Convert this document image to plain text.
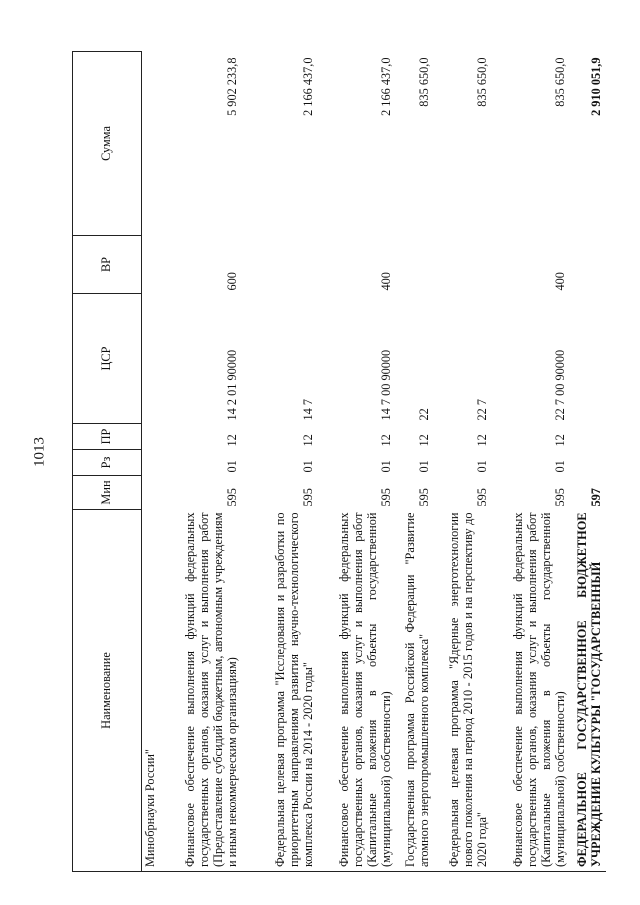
1013
Наименование	Мин	Рз	ПР	ЦСР	ВР	Сумма
Минобрнауки России"						
Финансовое обеспечение выполнения функций федеральных государственных органов, оказания услуг и выполнения работ (Предоставление субсидий бюджетным, автономным учреждениям и иным некоммерческим организациям)	595	01	12	14 2 01 90000	600	5 902 233,8
Федеральная целевая программа "Исследования и разработки по приоритетным направлениям развития научно-технологического комплекса России на 2014 - 2020 годы"	595	01	12	14 7		2 166 437,0
Финансовое обеспечение выполнения функций федеральных государственных органов, оказания услуг и выполнения работ (Капитальные вложения в объекты государственной (муниципальной) собственности)	595	01	12	14 7 00 90000	400	2 166 437,0
Государственная программа Российской Федерации "Развитие атомного энергопромышленного комплекса"	595	01	12	22		835 650,0
Федеральная целевая программа "Ядерные энерготехнологии нового поколения на период 2010 - 2015 годов и на перспективу до 2020 года"	595	01	12	22 7		835 650,0
Финансовое обеспечение выполнения функций федеральных государственных органов, оказания услуг и выполнения работ (Капитальные вложения в объекты государственной (муниципальной) собственности)	595	01	12	22 7 00 90000	400	835 650,0
ФЕДЕРАЛЬНОЕ ГОСУДАРСТВЕННОЕ БЮДЖЕТНОЕ УЧРЕЖДЕНИЕ КУЛЬТУРЫ "ГОСУДАРСТВЕННЫЙ	597					2 910 051,9
